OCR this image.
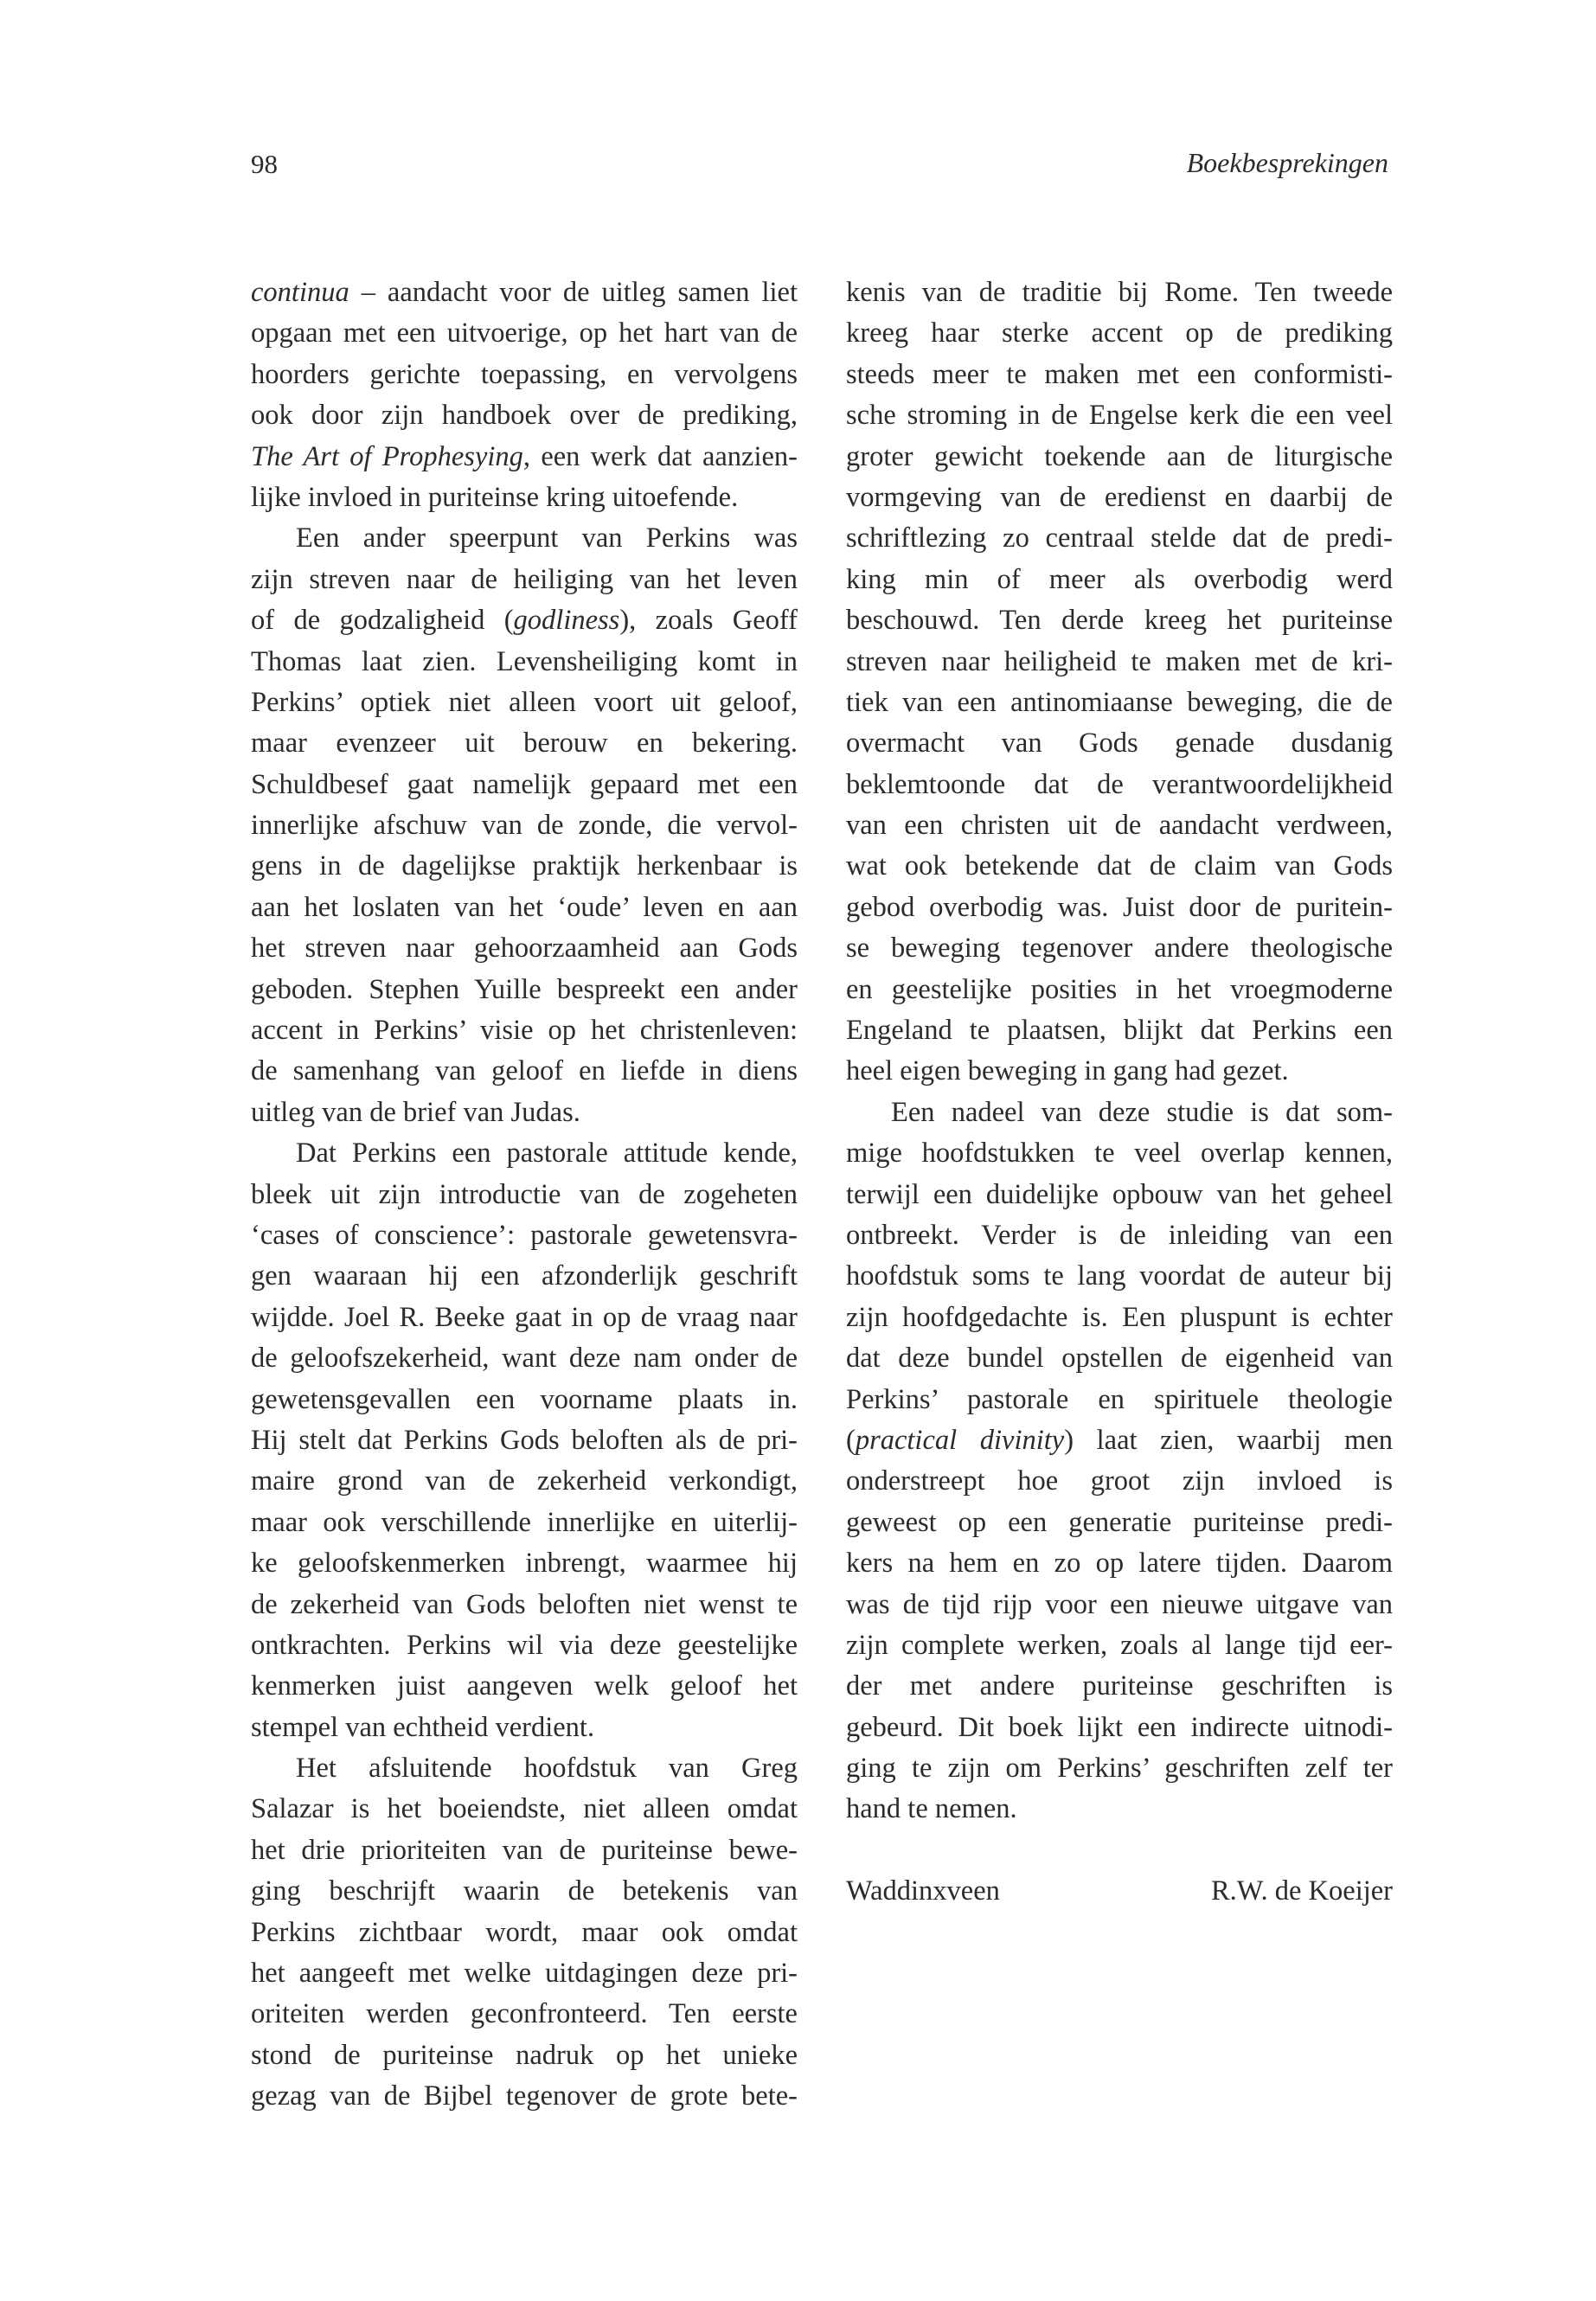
98	Boekbesprekingen
continua – aandacht voor de uitleg samen liet
opgaan met een uitvoerige, op het hart van de
hoorders gerichte toepassing, en vervolgens
ook door zijn handboek over de prediking,
The Art of Prophesying, een werk dat aanzien-
lijke invloed in puriteinse kring uitoefende.
Een ander speerpunt van Perkins was
zijn streven naar de heiliging van het leven
of de godzaligheid (godliness), zoals Geoff
Thomas laat zien. Levensheiliging komt in
Perkins’ optiek niet alleen voort uit geloof,
maar evenzeer uit berouw en bekering.
Schuldbesef gaat namelijk gepaard met een
innerlijke afschuw van de zonde, die vervol-
gens in de dagelijkse praktijk herkenbaar is
aan het loslaten van het ‘oude’ leven en aan
het streven naar gehoorzaamheid aan Gods
geboden. Stephen Yuille bespreekt een ander
accent in Perkins’ visie op het christenleven:
de samenhang van geloof en liefde in diens
uitleg van de brief van Judas.
Dat Perkins een pastorale attitude kende,
bleek uit zijn introductie van de zogeheten
‘cases of conscience’: pastorale gewetensvra-
gen waaraan hij een afzonderlijk geschrift
wijdde. Joel R. Beeke gaat in op de vraag naar
de geloofszekerheid, want deze nam onder de
gewetensgevallen een voorname plaats in.
Hij stelt dat Perkins Gods beloften als de pri-
maire grond van de zekerheid verkondigt,
maar ook verschillende innerlijke en uiterlij-
ke geloofskenmerken inbrengt, waarmee hij
de zekerheid van Gods beloften niet wenst te
ontkrachten. Perkins wil via deze geestelijke
kenmerken juist aangeven welk geloof het
stempel van echtheid verdient.
Het afsluitende hoofdstuk van Greg
Salazar is het boeiendste, niet alleen omdat
het drie prioriteiten van de puriteinse bewe-
ging beschrijft waarin de betekenis van
Perkins zichtbaar wordt, maar ook omdat
het aangeeft met welke uitdagingen deze pri-
oriteiten werden geconfronteerd. Ten eerste
stond de puriteinse nadruk op het unieke
gezag van de Bijbel tegenover de grote bete-
kenis van de traditie bij Rome. Ten tweede
kreeg haar sterke accent op de prediking
steeds meer te maken met een conformisti-
sche stroming in de Engelse kerk die een veel
groter gewicht toekende aan de liturgische
vormgeving van de eredienst en daarbij de
schriftlezing zo centraal stelde dat de predi-
king min of meer als overbodig werd
beschouwd. Ten derde kreeg het puriteinse
streven naar heiligheid te maken met de kri-
tiek van een antinomiaanse beweging, die de
overmacht van Gods genade dusdanig
beklemtoonde dat de verantwoordelijkheid
van een christen uit de aandacht verdween,
wat ook betekende dat de claim van Gods
gebod overbodig was. Juist door de puritein-
se beweging tegenover andere theologische
en geestelijke posities in het vroegmoderne
Engeland te plaatsen, blijkt dat Perkins een
heel eigen beweging in gang had gezet.
Een nadeel van deze studie is dat som-
mige hoofdstukken te veel overlap kennen,
terwijl een duidelijke opbouw van het geheel
ontbreekt. Verder is de inleiding van een
hoofdstuk soms te lang voordat de auteur bij
zijn hoofdgedachte is. Een pluspunt is echter
dat deze bundel opstellen de eigenheid van
Perkins’ pastorale en spirituele theologie
(practical divinity) laat zien, waarbij men
onderstreept hoe groot zijn invloed is
geweest op een generatie puriteinse predi-
kers na hem en zo op latere tijden. Daarom
was de tijd rijp voor een nieuwe uitgave van
zijn complete werken, zoals al lange tijd eer-
der met andere puriteinse geschriften is
gebeurd. Dit boek lijkt een indirecte uitnodi-
ging te zijn om Perkins’ geschriften zelf ter
hand te nemen.
Waddinxveen	R.W. de Koeijer
